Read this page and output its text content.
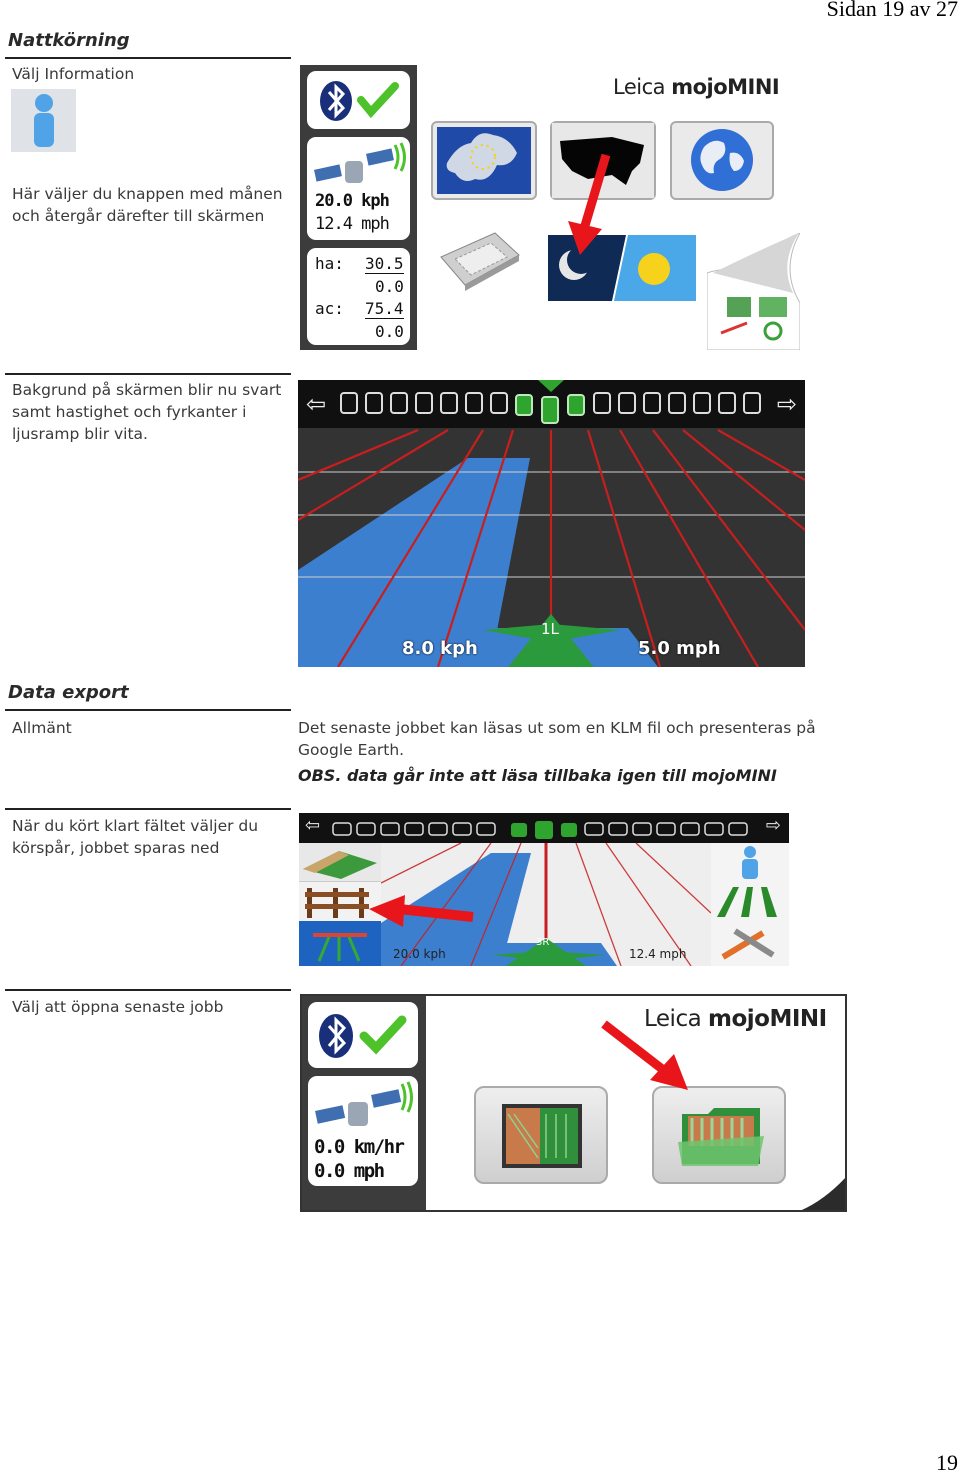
Sidan 19 av 27
19
Nattkörning
Välj Information
Här väljer du knappen med månen och återgår därefter till skärmen
Bakgrund på skärmen blir nu svart samt hastighet och fyrkanter i ljusramp blir vita.
20.0 kph
12.4 mph
ha: 30.5
0.0
ac: 75.4
0.0
Leica mojoMINI
⇦	⇨
8.0 kph	5.0 mph
1L
Data export
Allmänt	Det senaste jobbet kan läsas ut som en KLM fil och presenteras på Google Earth.
OBS. data går inte att läsa tillbaka igen till mojoMINI
När du kört klart fältet väljer du körspår, jobbet sparas ned
⇦	⇨
20.0 kph	12.4 mph
3R
Välj att öppna senaste jobb
0.0 km/hr
0.0 mph
Leica mojoMINI
